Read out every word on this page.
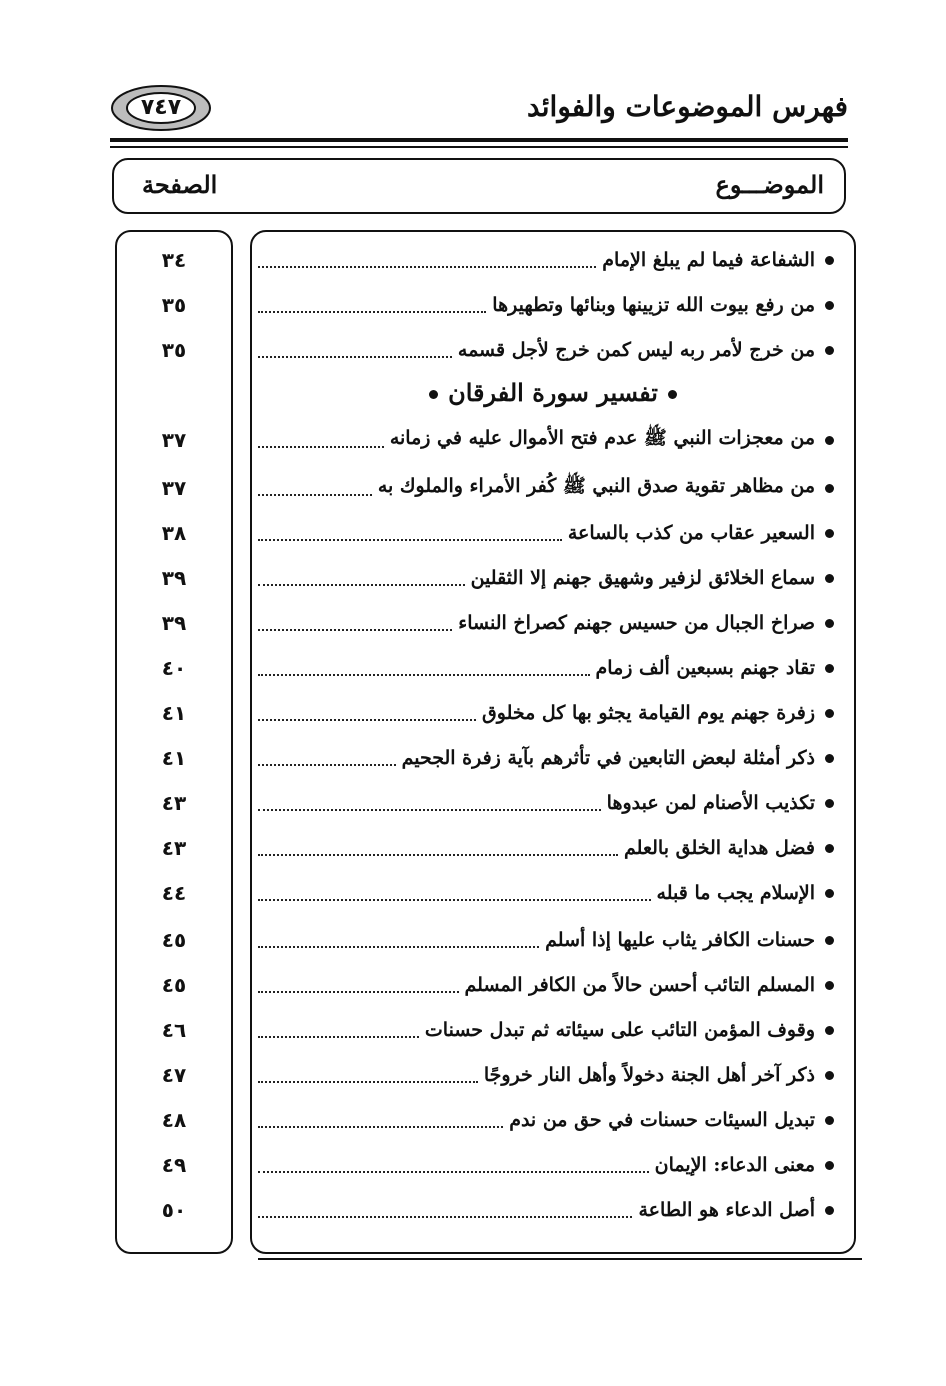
فهرس الموضوعات والفوائد
٧٤٧
الموضـــوع
الصفحة
الشفاعة فيما لم يبلغ الإمام
من رفع بيوت الله تزيينها وبنائها وتطهيرها
من خرج لأمر ربه ليس كمن خرج لأجل قسمه
من معجزات النبي ﷺ عدم فتح الأموال عليه في زمانه
من مظاهر تقوية صدق النبي ﷺ كُفر الأمراء والملوك به
السعير عقاب من كذب بالساعة
سماع الخلائق لزفير وشهيق جهنم إلا الثقلين
صراخ الجبال من حسيس جهنم كصراخ النساء
تقاد جهنم بسبعين ألف زمام
زفرة جهنم يوم القيامة يجثو بها كل مخلوق
ذكر أمثلة لبعض التابعين في تأثرهم بآية زفرة الجحيم
تكذيب الأصنام لمن عبدوها
فضل هداية الخلق بالعلم
الإسلام يجب ما قبله
حسنات الكافر يثاب عليها إذا أسلم
المسلم التائب أحسن حالاً من الكافر المسلم
وقوف المؤمن التائب على سيئاته ثم تبدل حسنات
ذكر آخر أهل الجنة دخولاً وأهل النار خروجًا
تبديل السيئات حسنات في حق من ندم
معنى الدعاء: الإيمان
أصل الدعاء هو الطاعة
تفسير سورة الفرقان
٣٤
٣٥
٣٥
٣٧
٣٧
٣٨
٣٩
٣٩
٤٠
٤١
٤١
٤٣
٤٣
٤٤
٤٥
٤٥
٤٦
٤٧
٤٨
٤٩
٥٠
